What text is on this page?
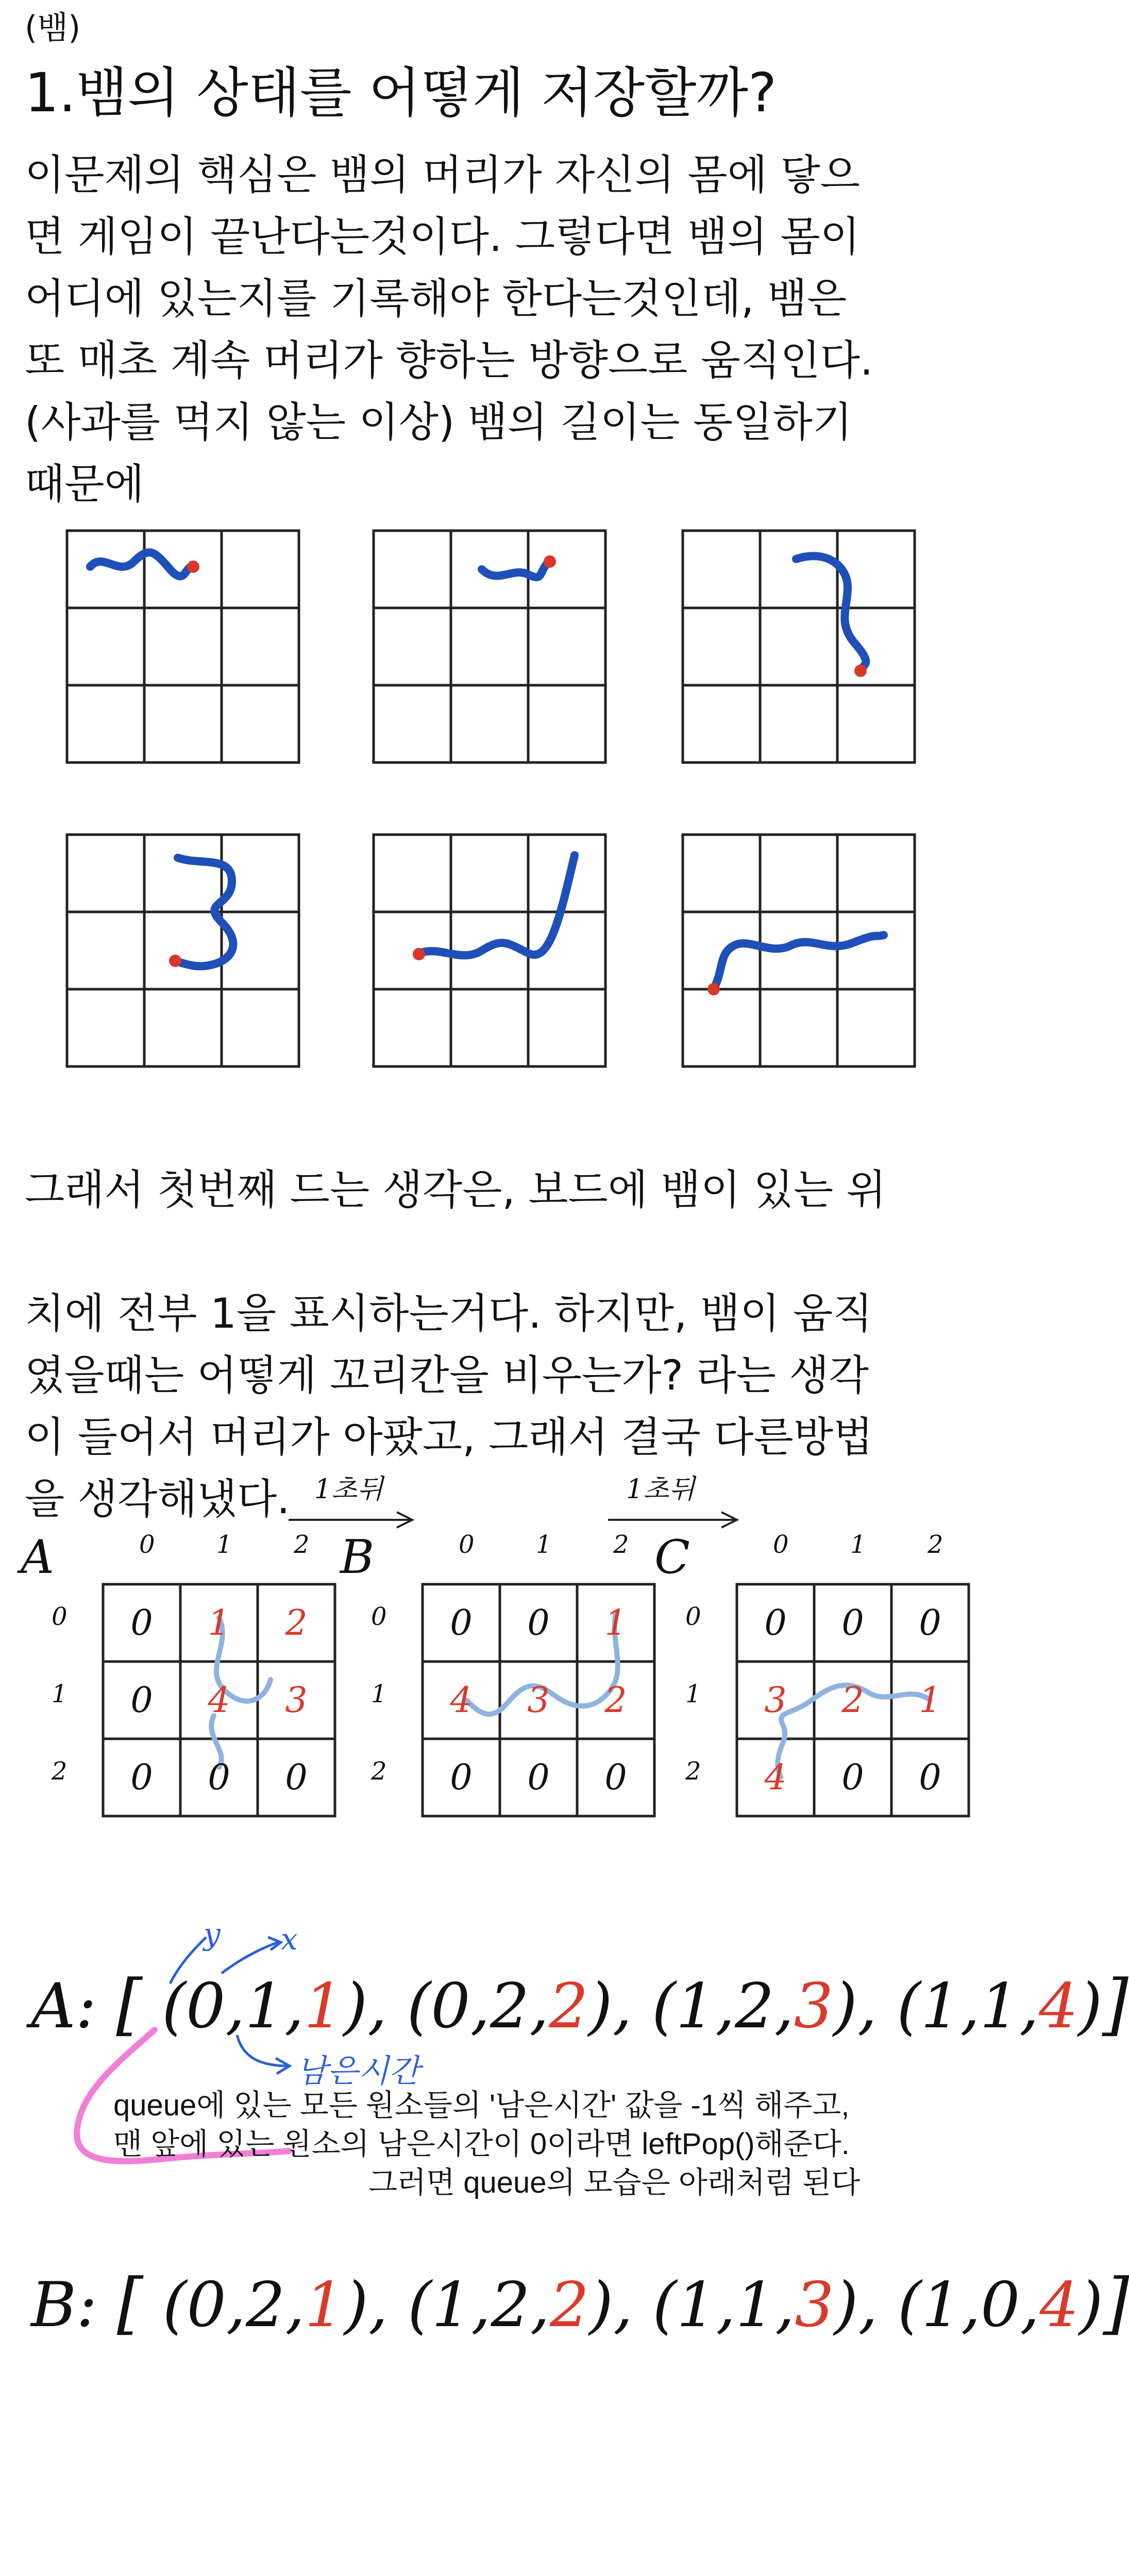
(뱀)
1.뱀의 상태를 어떻게 저장할까?
이문제의 핵심은 뱀의 머리가 자신의 몸에 닿으
면 게임이 끝난다는것이다. 그렇다면 뱀의 몸이
어디에 있는지를 기록해야 한다는것인데, 뱀은
또 매초 계속 머리가 향하는 방향으로 움직인다.
(사과를 먹지 않는 이상) 뱀의 길이는 동일하기
때문에
그래서 첫번째 드는 생각은, 보드에 뱀이 있는 위

치에 전부 1을 표시하는거다. 하지만, 뱀이 움직
였을때는 어떻게 꼬리칸을 비우는가? 라는 생각
이 들어서 머리가 아팠고, 그래서 결국 다른방법
을 생각해냈다. 1초뒤	1초뒤
A	0 1 2
0
1
2
0	1	2
0	4	3
0	0	0
B	0 1 2
0
1
2
0	0	1
4	3	2
0	0	0
C	0 1 2
0
1
2
0	0	0
3	2	1
4	0	0
y x
남은시간
A: [ (0,1,1), (0,2,2), (1,2,3), (1,1,4)]
queue에 있는 모든 원소들의 '남은시간' 값을 -1씩 해주고,
맨 앞에 있는 원소의 남은시간이 0이라면 leftPop()해준다.
그러면 queue의 모습은 아래처럼 된다
B: [ (0,2,1), (1,2,2), (1,1,3), (1,0,4)]
